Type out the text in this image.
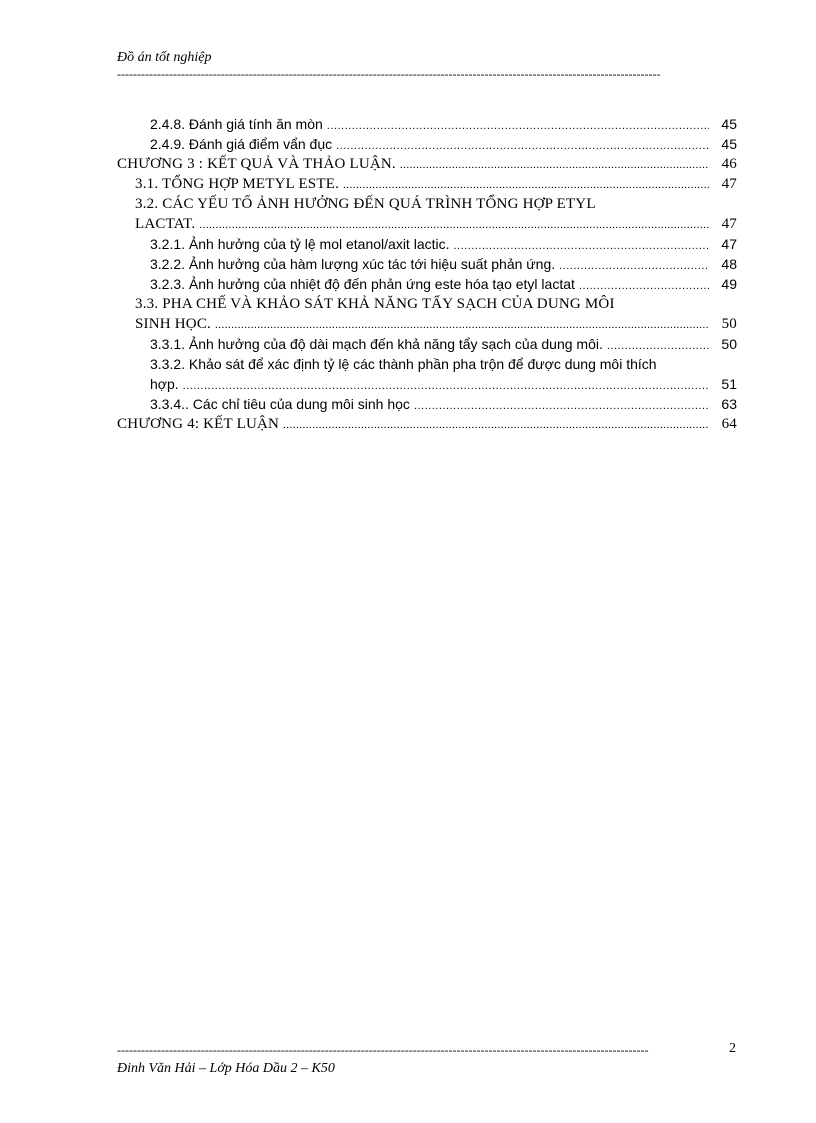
Đồ án tốt nghiệp
----------------------------------------------------------------------------------------------------------------------------------------
2.4.8. Đánh giá tính ăn mòn .....	45
2.4.9. Đánh giá điểm vẩn đục .....	45
CHƯƠNG 3 : KẾT QUẢ VÀ THẢO LUẬN. .....	46
3.1. TỔNG HỢP METYL ESTE. .....	47
3.2. CÁC YẾU TỐ ẢNH HƯỞNG ĐẾN QUÁ TRÌNH TỔNG HỢP ETYL
LACTAT. .....	47
3.2.1. Ảnh hưởng của tỷ lệ mol etanol/axit lactic. .....	47
3.2.2. Ảnh hưởng của hàm lượng xúc tác tới hiệu suất phản ứng. .....	48
3.2.3. Ảnh hưởng của nhiệt độ đến phản ứng este hóa tạo etyl lactat .....	49
3.3. PHA CHẾ VÀ KHẢO SÁT KHẢ NĂNG TẨY SẠCH CỦA DUNG MÔI
SINH HỌC. .....	50
3.3.1. Ảnh hưởng của độ dài mạch đến khả năng tẩy sạch của dung môi. .....	50
3.3.2. Khảo sát để xác định tỷ lệ các thành phần pha trộn để được dung môi thích
hợp. .....	51
3.3.4.. Các chỉ tiêu của dung môi sinh học .....	63
CHƯƠNG 4: KẾT LUẬN .....	64
-------------------------------------------------------------------------------------------------------------------------------------	2
Đinh Văn Hải – Lớp Hóa Dầu 2 – K50
